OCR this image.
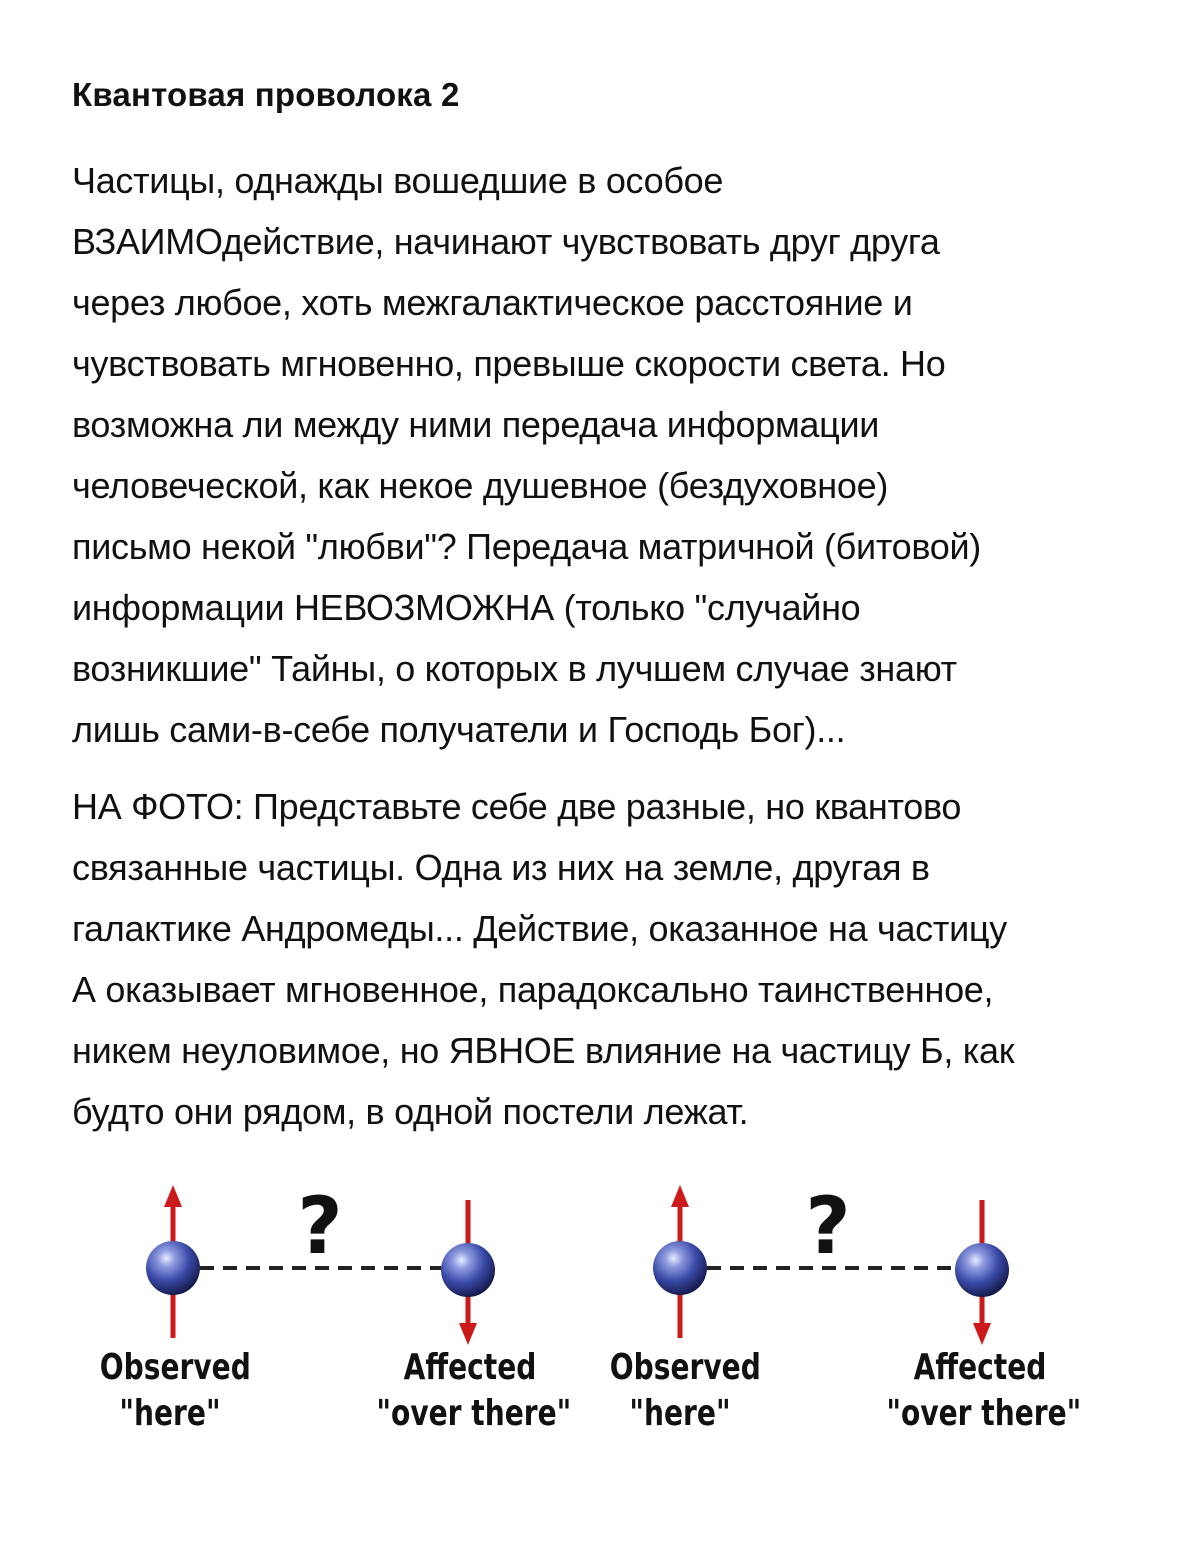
Квантовая проволока 2
Частицы, однажды вошедшие в особое
ВЗАИМОдействие, начинают чувствовать друг друга
через любое, хоть межгалактическое расстояние и
чувствовать мгновенно, превыше скорости света. Но
возможна ли между ними передача информации
человеческой, как некое душевное (бездуховное)
письмо некой "любви"? Передача матричной (битовой)
информации НЕВОЗМОЖНА (только "случайно
возникшие" Тайны, о которых в лучшем случае знают
лишь сами-в-себе получатели и Господь Бог)...
НА ФОТО: Представьте себе две разные, но квантово
связанные частицы. Одна из них на земле, другая в
галактике Андромеды... Действие, оказанное на частицу
А оказывает мгновенное, парадоксально таинственное,
никем неуловимое, но ЯВНОЕ влияние на частицу Б, как
будто они рядом, в одной постели лежат.
?	?
Observed
"here"
Affected
"over there"
Observed
"here"
Affected
"over there"
